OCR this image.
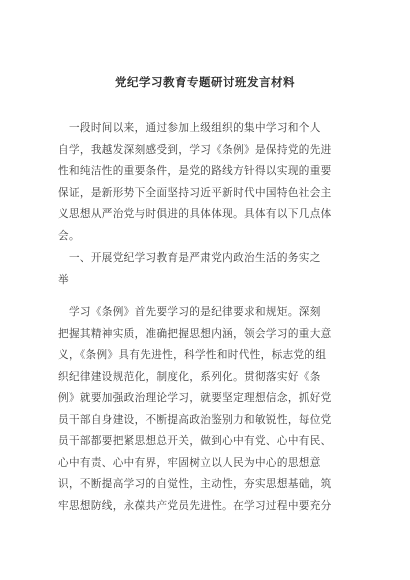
党纪学习教育专题研讨班发言材料
　一段时间以来，通过参加上级组织的集中学习和个人
自学，我越发深刻感受到，学习《条例》是保持党的先进
性和纯洁性的重要条件，是党的路线方针得以实现的重要
保证，是新形势下全面坚持习近平新时代中国特色社会主
义思想从严治党与时俱进的具体体现。具体有以下几点体
会。
　一、开展党纪学习教育是严肃党内政治生活的务实之
举
　学习《条例》首先要学习的是纪律要求和规矩。深刻
把握其精神实质，准确把握思想内涵，领会学习的重大意
义，《条例》具有先进性，科学性和时代性，标志党的组
织纪律建设规范化，制度化，系列化。贯彻落实好《条
例》就要加强政治理论学习，就要坚定理想信念，抓好党
员干部自身建设，不断提高政治鉴别力和敏锐性，每位党
员干部都要把紧思想总开关，做到心中有党、心中有民、
心中有责、心中有界，牢固树立以人民为中心的思想意
识，不断提高学习的自觉性，主动性，夯实思想基础，筑
牢思想防线，永葆共产党员先进性。在学习过程中要充分
